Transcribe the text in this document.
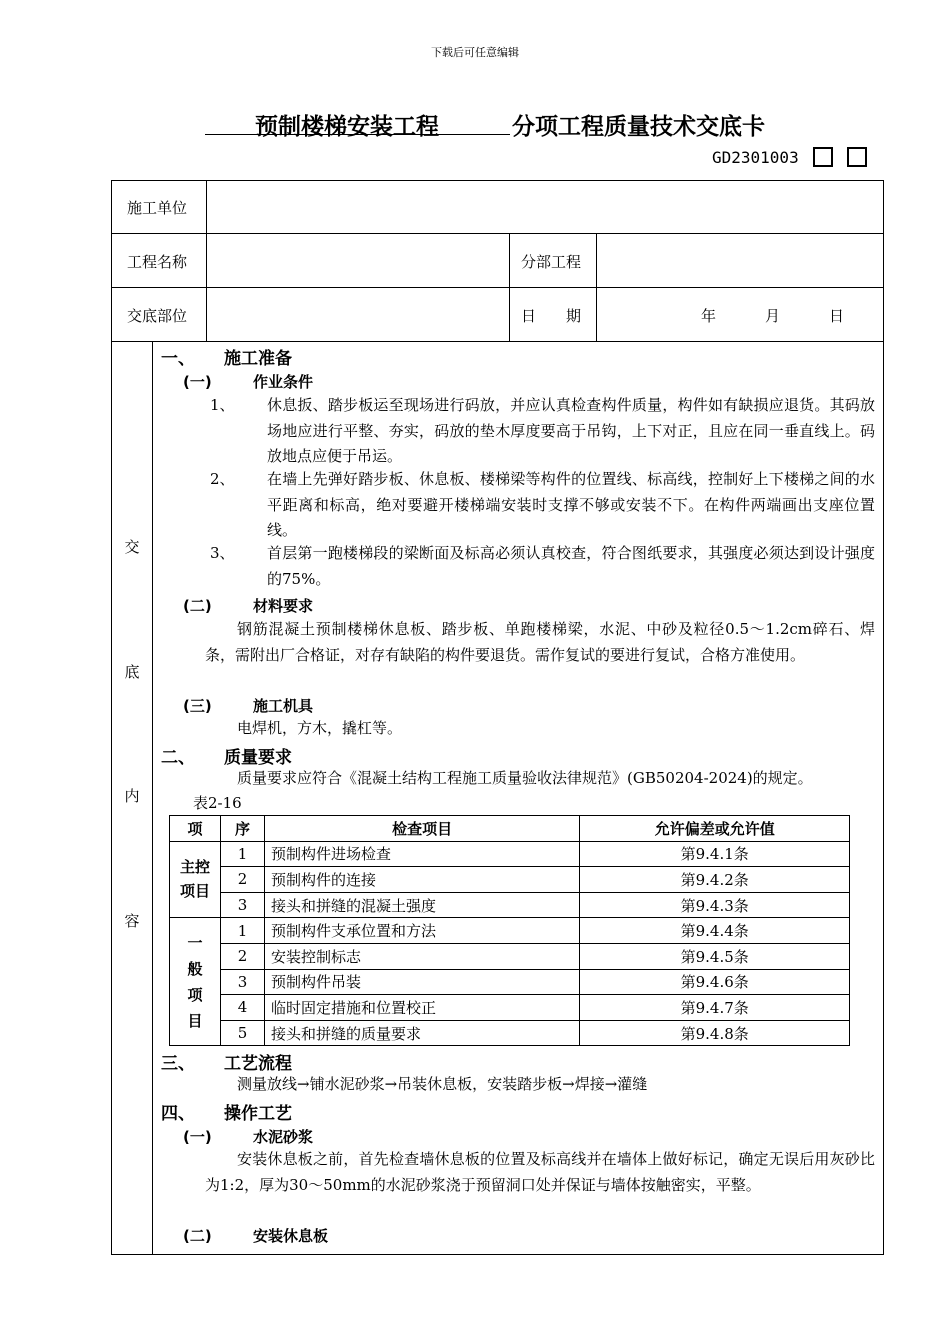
下载后可任意编辑
预制楼梯安装工程	分项工程质量技术交底卡
GD2301003
施工单位
工程名称	分部工程
交底部位	日　　期	年	月	日
交
底
内
容
一、 施工准备
(一)	作业条件
1、 休息扳、踏步板运至现场进行码放，并应认真检查构件质量，构件如有缺损应退货。其码放场地应进行平整、夯实，码放的垫木厚度要高于吊钩，上下对正，且应在同一垂直线上。码放地点应便于吊运。
2、 在墙上先弹好踏步板、休息板、楼梯梁等构件的位置线、标高线，控制好上下楼梯之间的水平距离和标高，绝对要避开楼梯端安装时支撑不够或安装不下。在构件两端画出支座位置线。
3、 首层第一跑楼梯段的梁断面及标高必须认真校查，符合图纸要求，其强度必须达到设计强度的75%。
(二)	材料要求
钢筋混凝土预制楼梯休息板、踏步板、单跑楼梯梁，水泥、中砂及粒径0.5～1.2cm碎石、焊条，需附出厂合格证，对存有缺陷的构件要退货。需作复试的要进行复试，合格方准使用。
(三)	施工机具
电焊机，方木，撬杠等。
二、 质量要求
质量要求应符合《混凝土结构工程施工质量验收法律规范》(GB50204-2024)的规定。
表2-16
项	序	检查项目	允许偏差或允许值
主控项目	1	预制构件进场检查	第9.4.1条
	2	预制构件的连接	第9.4.2条
	3	接头和拼缝的混凝土强度	第9.4.3条
一般项目	1	预制构件支承位置和方法	第9.4.4条
	2	安装控制标志	第9.4.5条
	3	预制构件吊装	第9.4.6条
	4	临时固定措施和位置校正	第9.4.7条
	5	接头和拼缝的质量要求	第9.4.8条
三、 工艺流程
测量放线→铺水泥砂浆→吊装休息板，安装踏步板→焊接→灌缝
四、 操作工艺
(一)	水泥砂浆
安装休息板之前，首先检查墙休息板的位置及标高线并在墙体上做好标记，确定无误后用灰砂比为1:2，厚为30～50mm的水泥砂浆浇于预留洞口处并保证与墙体按触密实，平整。
(二)	安装休息板
